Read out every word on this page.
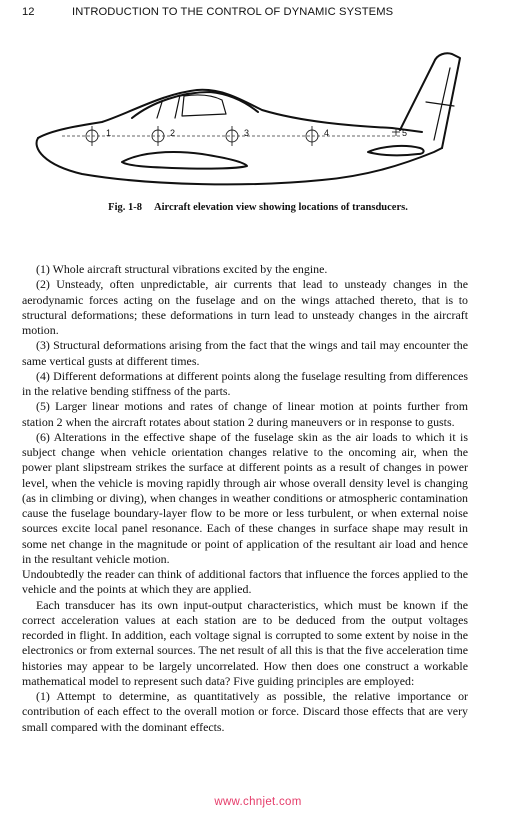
12	INTRODUCTION TO THE CONTROL OF DYNAMIC SYSTEMS
1	2	3	4	5
Fig. 1-8 Aircraft elevation view showing locations of transducers.

(1) Whole aircraft structural vibrations excited by the engine.

(2) Unsteady, often unpredictable, air currents that lead to unsteady changes in the aerodynamic forces acting on the fuselage and on the wings attached thereto, that is to structural deformations; these deformations in turn lead to unsteady changes in the aircraft motion.

(3) Structural deformations arising from the fact that the wings and tail may encounter the same vertical gusts at different times.

(4) Different deformations at different points along the fuselage resulting from differences in the relative bending stiffness of the parts.

(5) Larger linear motions and rates of change of linear motion at points further from station 2 when the aircraft rotates about station 2 during maneuvers or in response to gusts.

(6) Alterations in the effective shape of the fuselage skin as the air loads to which it is subject change when vehicle orientation changes relative to the oncoming air, when the power plant slipstream strikes the surface at different points as a result of changes in power level, when the vehicle is moving rapidly through air whose overall density level is changing (as in climbing or diving), when changes in weather conditions or atmospheric contamination cause the fuselage boundary-layer flow to be more or less turbulent, or when external noise sources excite local panel resonance. Each of these changes in surface shape may result in some net change in the magnitude or point of application of the resultant air load and hence in the resultant vehicle motion.

Undoubtedly the reader can think of additional factors that influence the forces applied to the vehicle and the points at which they are applied.

Each transducer has its own input-output characteristics, which must be known if the correct acceleration values at each station are to be deduced from the output voltages recorded in flight. In addition, each voltage signal is corrupted to some extent by noise in the electronics or from external sources. The net result of all this is that the five acceleration time histories may appear to be largely uncorrelated. How then does one construct a workable mathematical model to represent such data? Five guiding principles are employed:

(1) Attempt to determine, as quantitatively as possible, the relative importance or contribution of each effect to the overall motion or force. Discard those effects that are very small compared with the dominant effects.

www.chnjet.com
